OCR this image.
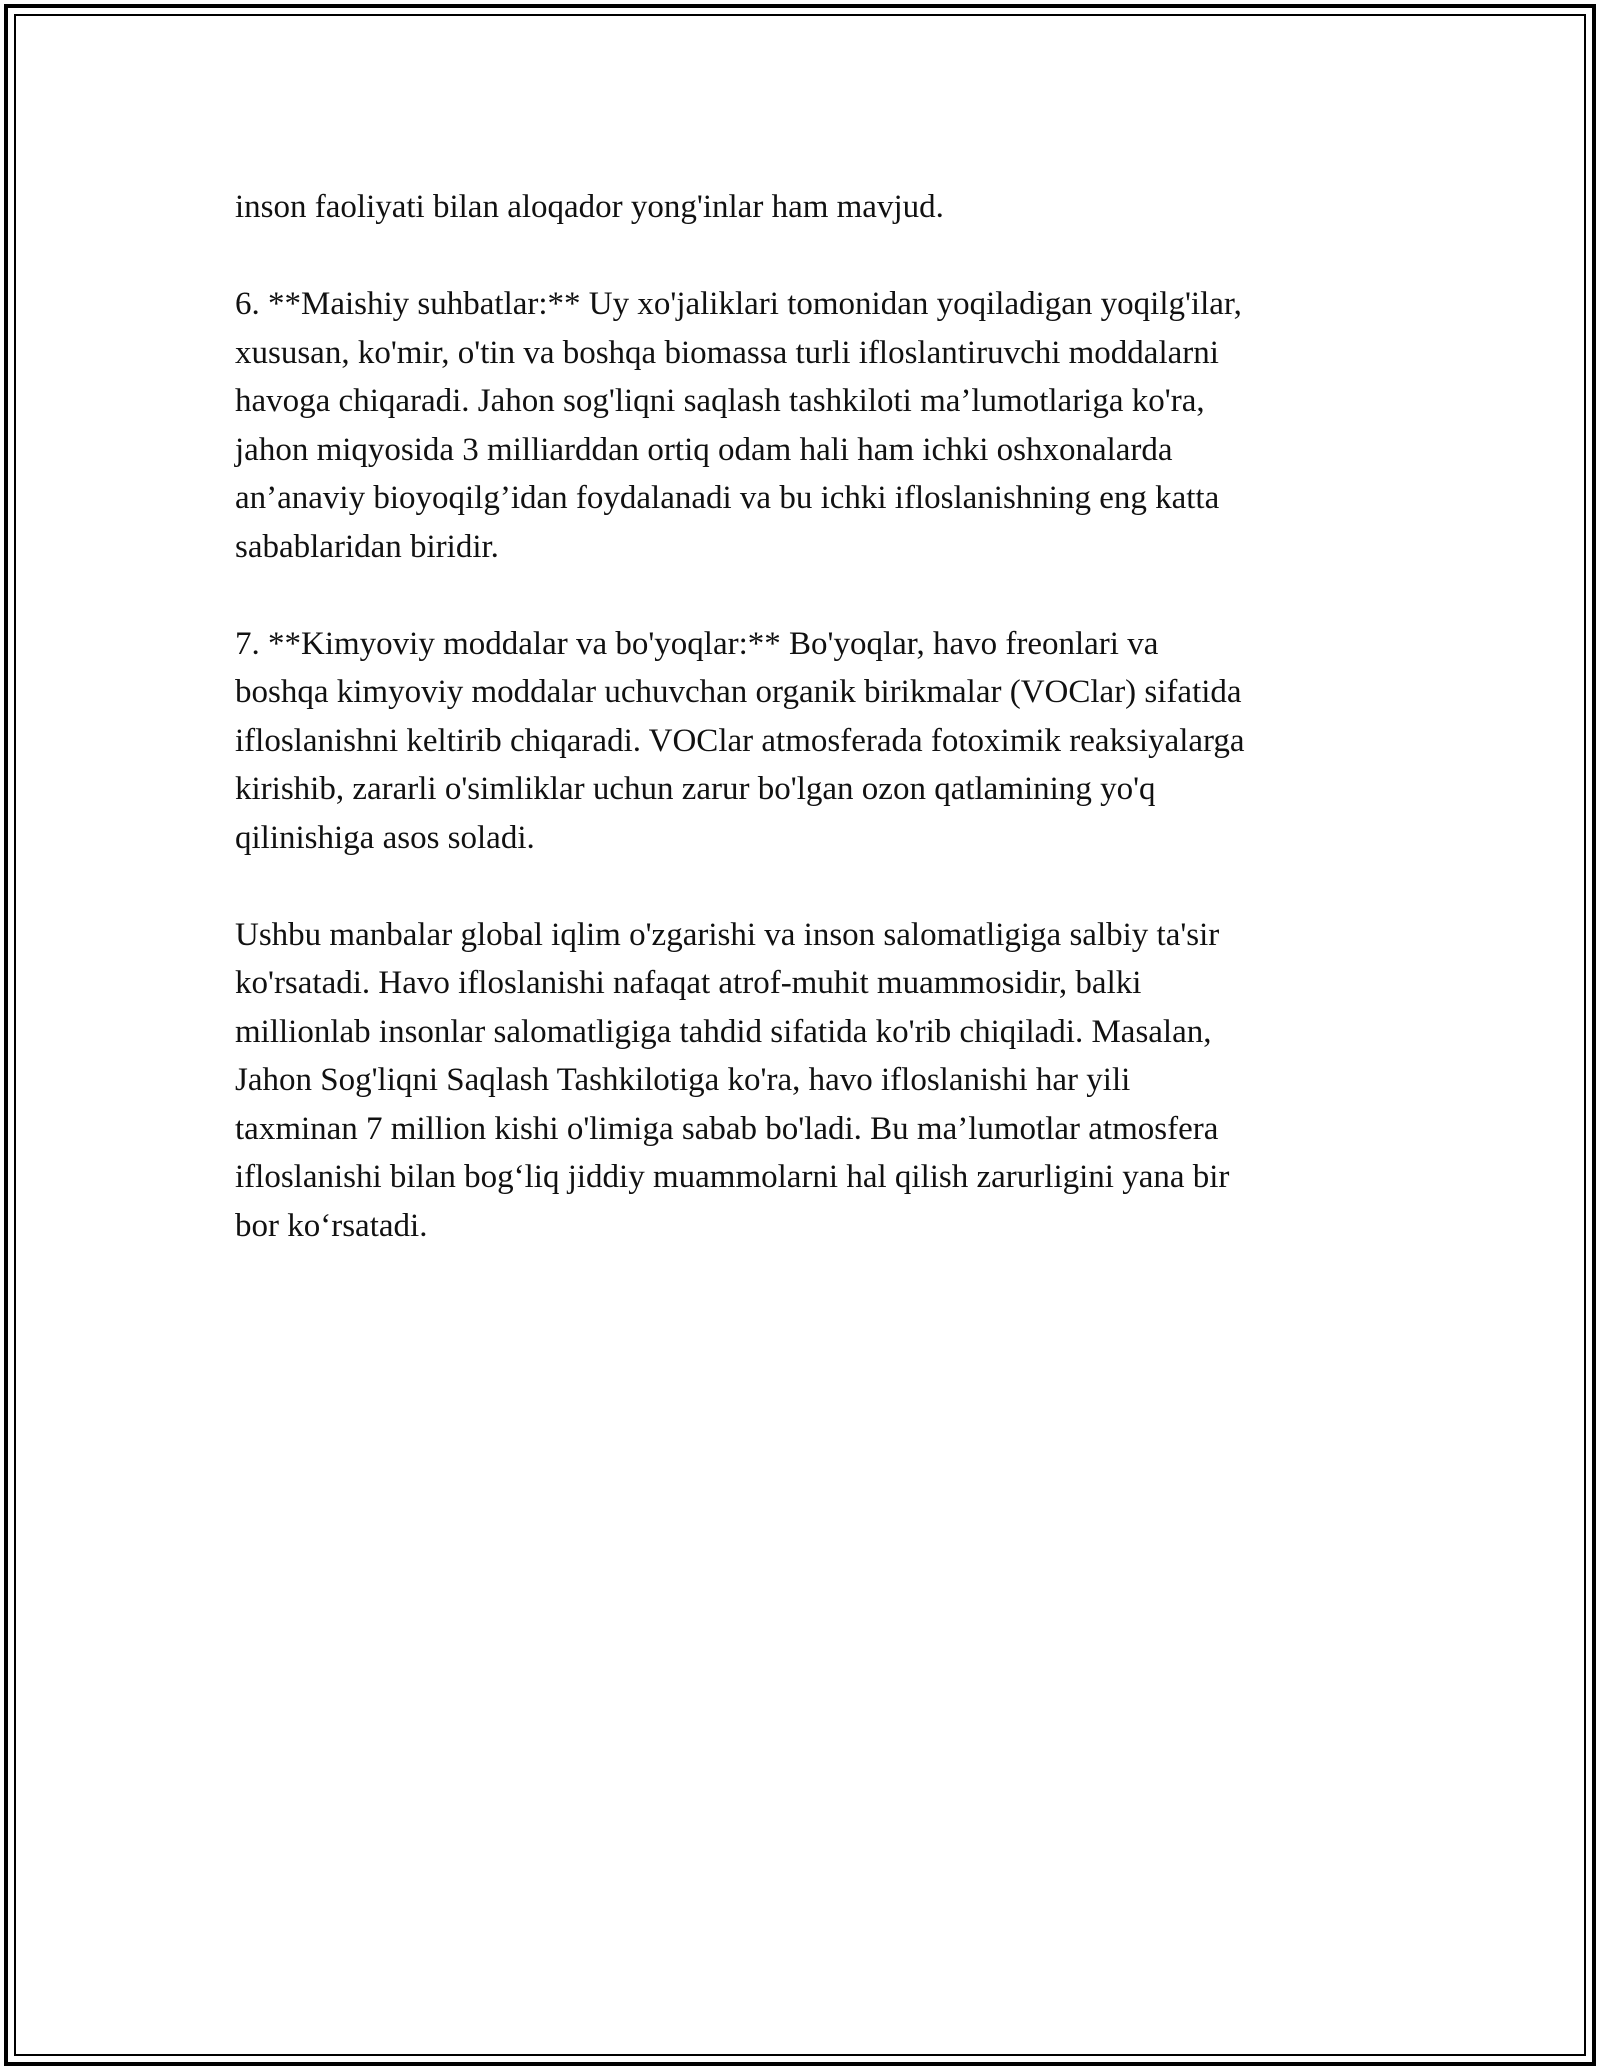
inson faoliyati bilan aloqador yong'inlar ham mavjud.

6. **Maishiy suhbatlar:** Uy xo'jaliklari tomonidan yoqiladigan yoqilg'ilar,
xususan, ko'mir, o'tin va boshqa biomassa turli ifloslantiruvchi moddalarni
havoga chiqaradi. Jahon sog'liqni saqlash tashkiloti ma’lumotlariga ko'ra,
jahon miqyosida 3 milliarddan ortiq odam hali ham ichki oshxonalarda
an’anaviy bioyoqilg’idan foydalanadi va bu ichki ifloslanishning eng katta
sabablaridan biridir.

7. **Kimyoviy moddalar va bo'yoqlar:** Bo'yoqlar, havo freonlari va
boshqa kimyoviy moddalar uchuvchan organik birikmalar (VOClar) sifatida
ifloslanishni keltirib chiqaradi. VOClar atmosferada fotoximik reaksiyalarga
kirishib, zararli o'simliklar uchun zarur bo'lgan ozon qatlamining yo'q
qilinishiga asos soladi.

Ushbu manbalar global iqlim o'zgarishi va inson salomatligiga salbiy ta'sir
ko'rsatadi. Havo ifloslanishi nafaqat atrof-muhit muammosidir, balki
millionlab insonlar salomatligiga tahdid sifatida ko'rib chiqiladi. Masalan,
Jahon Sog'liqni Saqlash Tashkilotiga ko'ra, havo ifloslanishi har yili
taxminan 7 million kishi o'limiga sabab bo'ladi. Bu ma’lumotlar atmosfera
ifloslanishi bilan bog‘liq jiddiy muammolarni hal qilish zarurligini yana bir
bor ko‘rsatadi.
